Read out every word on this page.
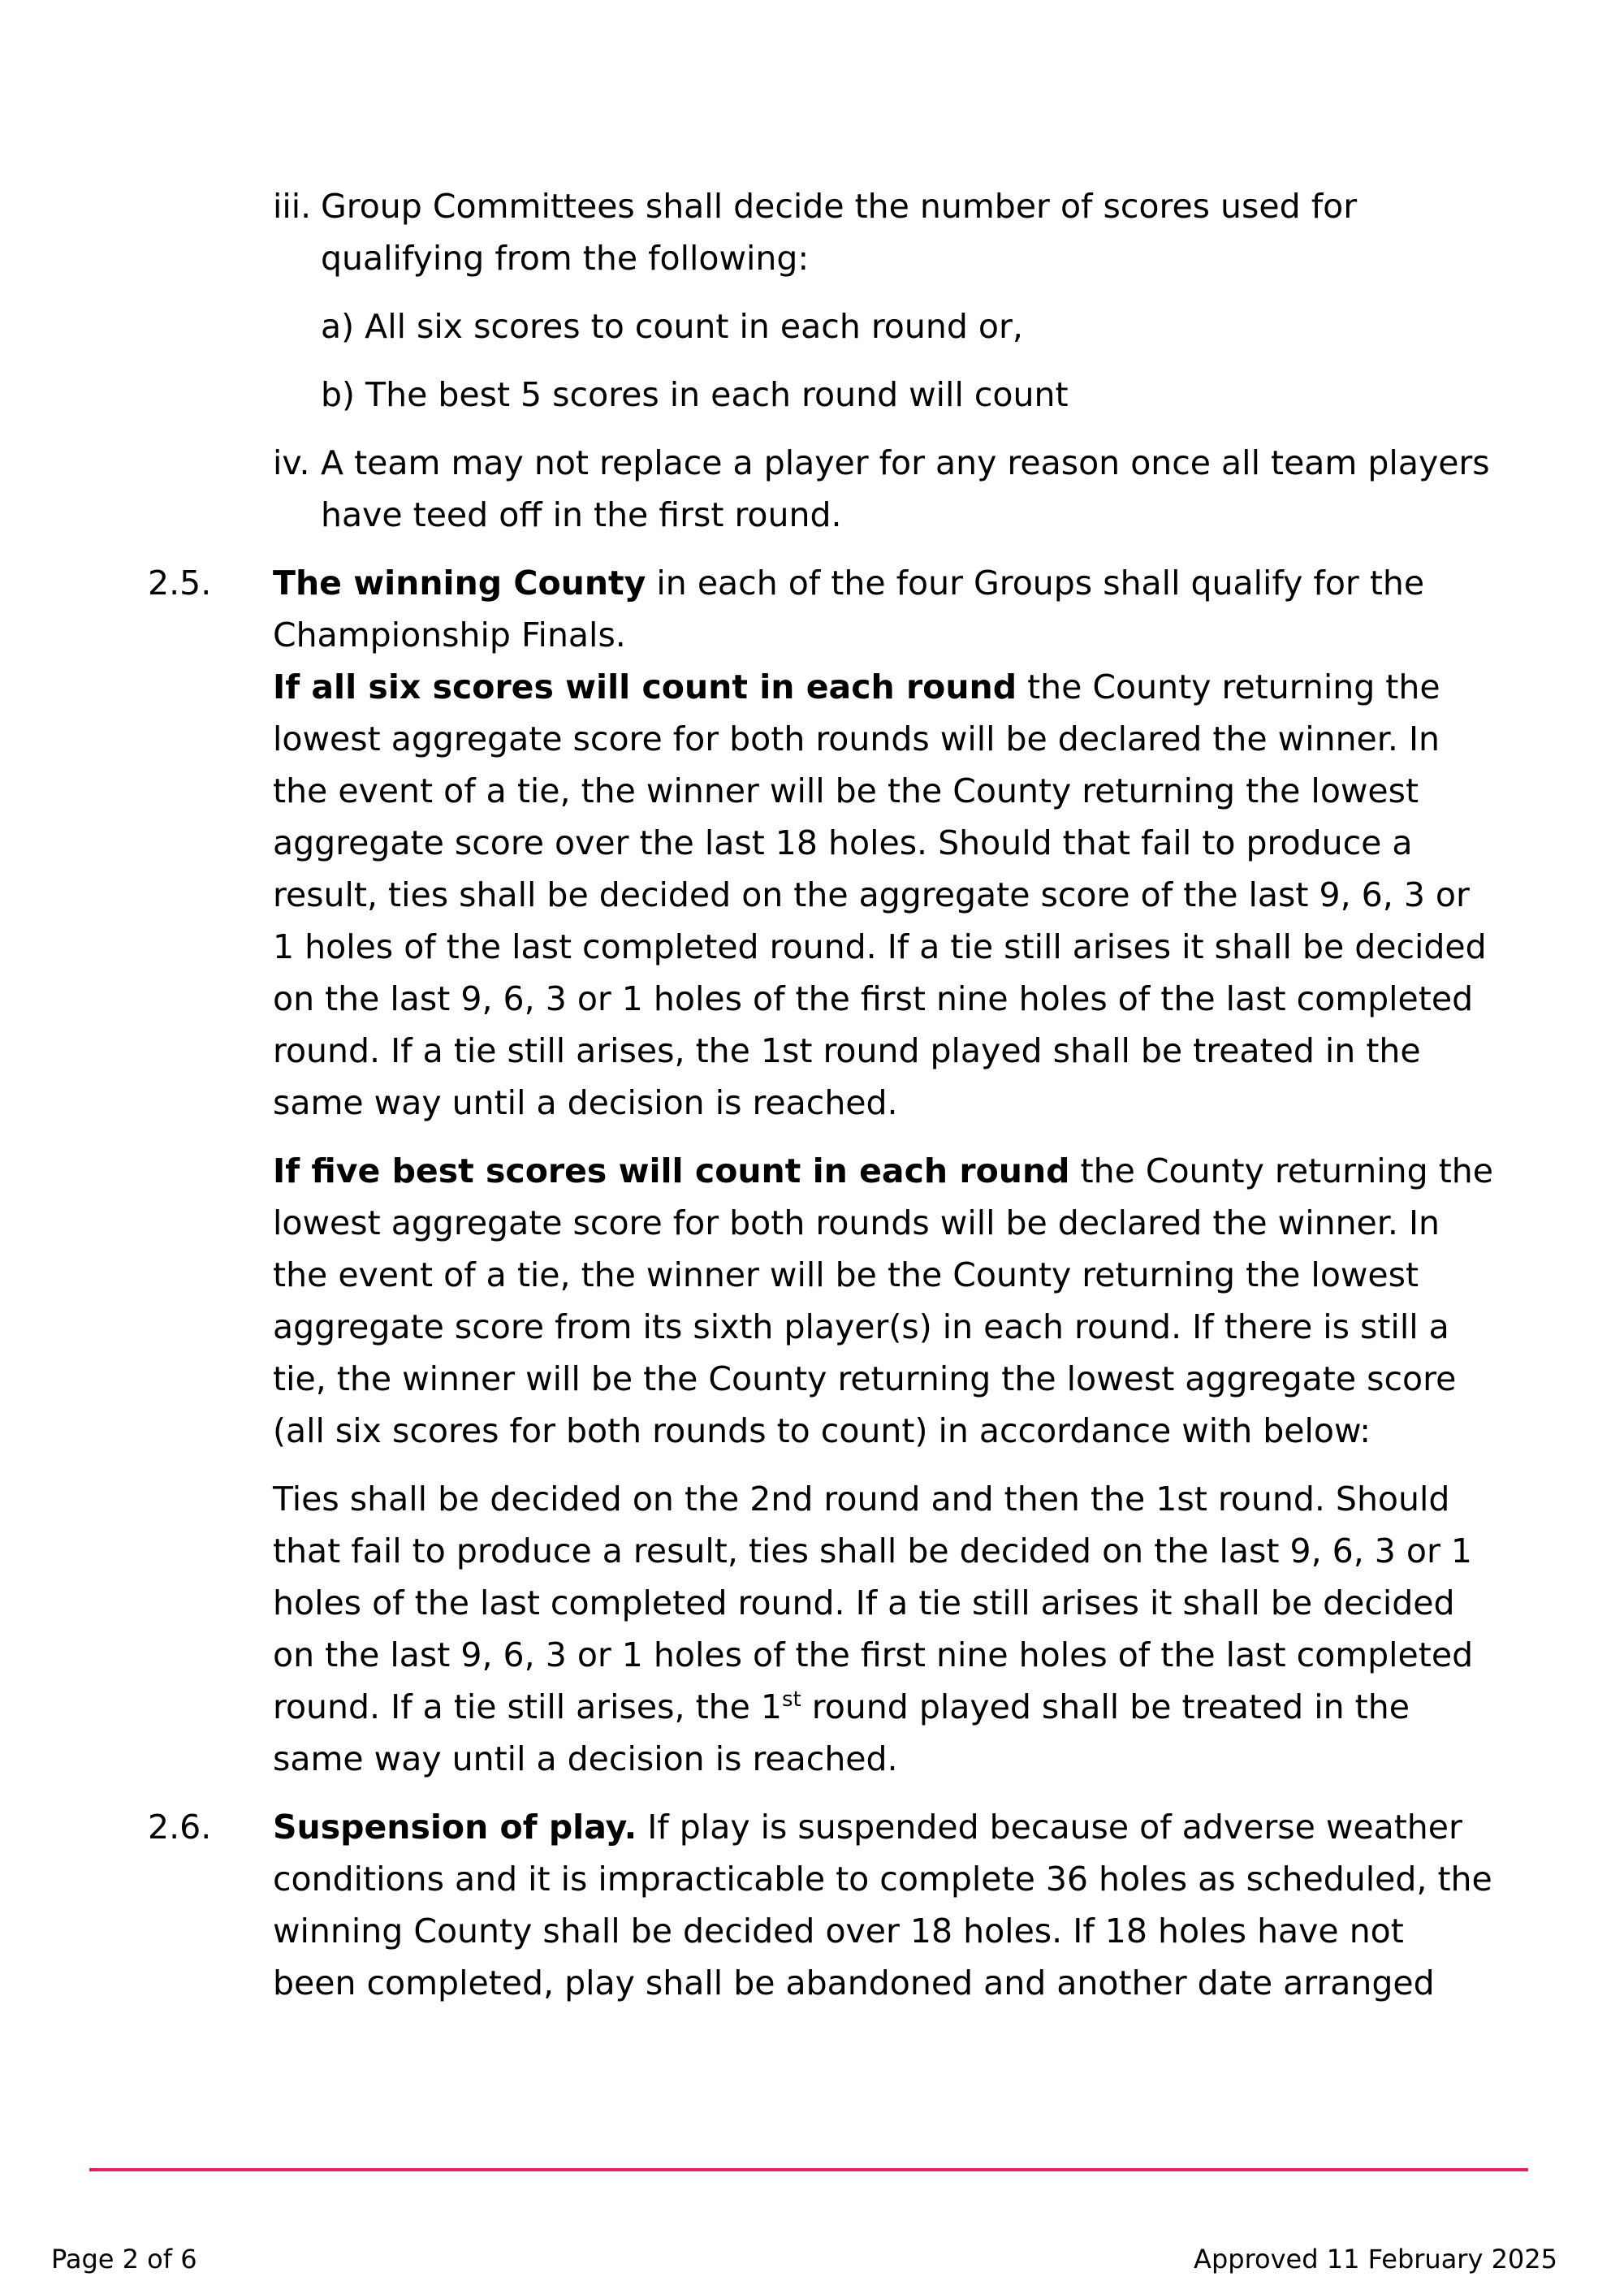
iii. Group Committees shall decide the number of scores used for
qualifying from the following:
a) All six scores to count in each round or,
b) The best 5 scores in each round will count
iv. A team may not replace a player for any reason once all team players
have teed off in the first round.
2.5.	The winning County in each of the four Groups shall qualify for the
Championship Finals.
If all six scores will count in each round the County returning the
lowest aggregate score for both rounds will be declared the winner. In
the event of a tie, the winner will be the County returning the lowest
aggregate score over the last 18 holes. Should that fail to produce a
result, ties shall be decided on the aggregate score of the last 9, 6, 3 or
1 holes of the last completed round. If a tie still arises it shall be decided
on the last 9, 6, 3 or 1 holes of the first nine holes of the last completed
round. If a tie still arises, the 1st round played shall be treated in the
same way until a decision is reached.
If five best scores will count in each round the County returning the
lowest aggregate score for both rounds will be declared the winner. In
the event of a tie, the winner will be the County returning the lowest
aggregate score from its sixth player(s) in each round. If there is still a
tie, the winner will be the County returning the lowest aggregate score
(all six scores for both rounds to count) in accordance with below:
Ties shall be decided on the 2nd round and then the 1st round. Should
that fail to produce a result, ties shall be decided on the last 9, 6, 3 or 1
holes of the last completed round. If a tie still arises it shall be decided
on the last 9, 6, 3 or 1 holes of the first nine holes of the last completed
round. If a tie still arises, the 1st round played shall be treated in the
same way until a decision is reached.
2.6.	Suspension of play. If play is suspended because of adverse weather
conditions and it is impracticable to complete 36 holes as scheduled, the
winning County shall be decided over 18 holes. If 18 holes have not
been completed, play shall be abandoned and another date arranged
Page 2 of 6	Approved 11 February 2025
